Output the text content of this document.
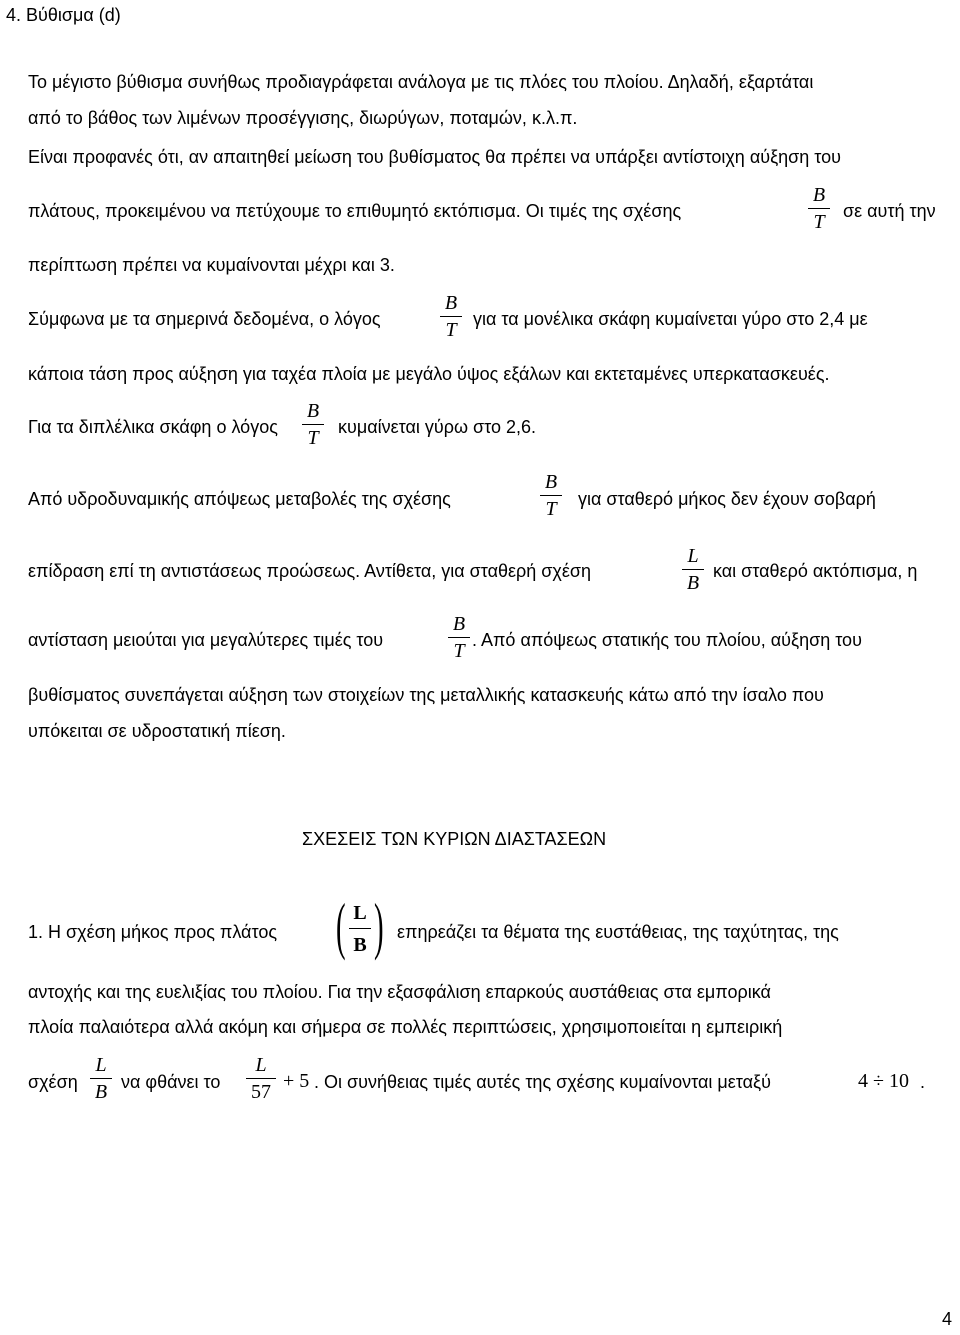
4. Βύθισμα (d)
Το μέγιστο βύθισμα συνήθως προδιαγράφεται ανάλογα με τις πλόες του πλοίου. Δηλαδή, εξαρτάται
από το βάθος των λιμένων προσέγγισης, διωρύγων, ποταμών, κ.λ.π.
Είναι προφανές ότι, αν απαιτηθεί μείωση του βυθίσματος θα πρέπει να υπάρξει αντίστοιχη αύξηση του
πλάτους, προκειμένου να πετύχουμε το επιθυμητό εκτόπισμα. Οι τιμές της σχέσης
B
T	σε αυτή την
περίπτωση πρέπει να κυμαίνονται μέχρι και 3.
Σύμφωνα με τα σημερινά δεδομένα, ο λόγος
B
T για τα μονέλικα σκάφη κυμαίνεται γύρο στο 2,4 με
κάποια τάση προς αύξηση για ταχέα πλοία με μεγάλο ύψος εξάλων και εκτεταμένες υπερκατασκευές.
Για τα διπλέλικα σκάφη ο λόγος
B
T	κυμαίνεται γύρω στο 2,6.
Από υδροδυναμικής απόψεως μεταβολές της σχέσης
B
T	για σταθερό μήκος δεν έχουν σοβαρή
επίδραση επί τη αντιστάσεως προώσεως. Αντίθετα, για σταθερή σχέση
L
B
και σταθερό ακτόπισμα, η
αντίσταση μειούται για μεγαλύτερες τιμές του
B
T . Από απόψεως στατικής του πλοίου, αύξηση του
βυθίσματος συνεπάγεται αύξηση των στοιχείων της μεταλλικής κατασκευής κάτω από την ίσαλο που
υπόκειται σε υδροστατική πίεση.
ΣΧΕΣΕΙΣ ΤΩΝ ΚΥΡΙΩΝ ΔΙΑΣΤΑΣΕΩΝ
1. Η σχέση μήκος προς πλάτος ( L
B ) επηρεάζει τα θέματα της ευστάθειας, της ταχύτητας, της
αντοχής και της ευελιξίας του πλοίου. Για την εξασφάλιση επαρκούς αυστάθειας στα εμπορικά
πλοία παλαιότερα αλλά ακόμη και σήμερα σε πολλές περιπτώσεις, χρησιμοποιείται η εμπειρική
σχέση
L
B να φθάνει το
L
57 + 5 . Οι συνήθειας τιμές αυτές της σχέσης κυμαίνονται μεταξύ	4 ÷ 10 .
4
